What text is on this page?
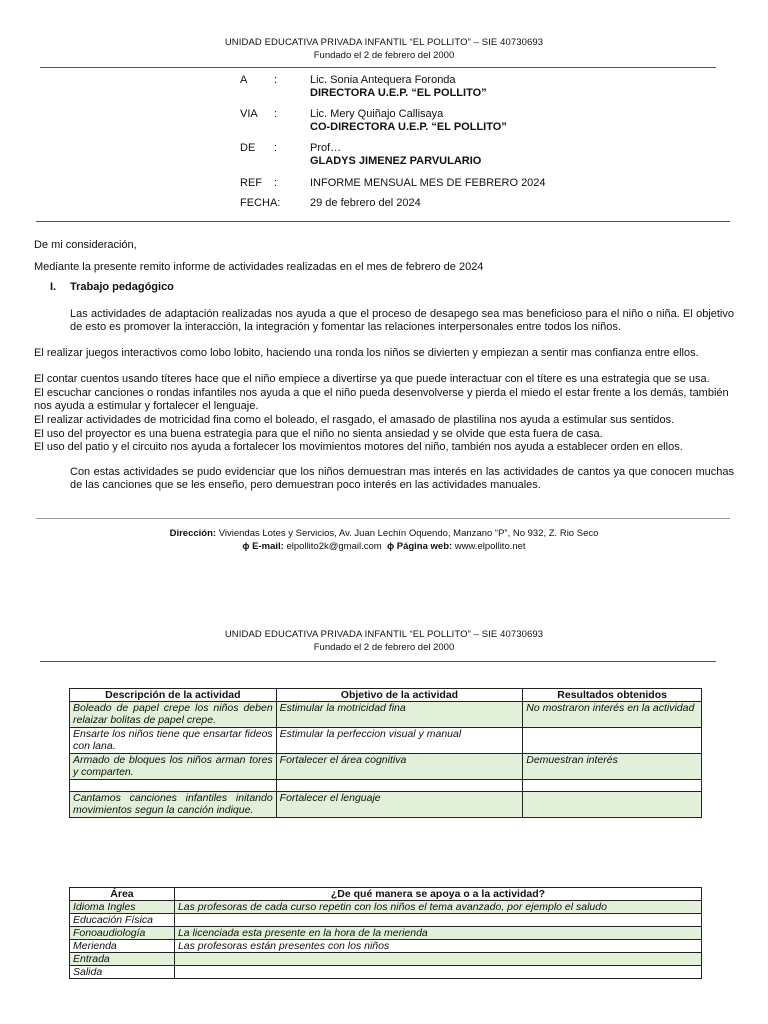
UNIDAD EDUCATIVA PRIVADA INFANTIL “EL POLLITO” – SIE 40730693
Fundado el 2 de febrero del 2000
A	:	Lic. Sonia Antequera Foronda
DIRECTORA U.E.P. “EL POLLITO”
VIA	:	Lic. Mery Quiñajo Callisaya
CO-DIRECTORA U.E.P. “EL POLLITO”
DE	:	Prof…
GLADYS JIMENEZ PARVULARIO
REF	:	INFORME MENSUAL MES DE FEBRERO 2024
FECHA:	29 de febrero del 2024
De mi consideración,
Mediante la presente remito informe de actividades realizadas en el mes de febrero de 2024
I. Trabajo pedagógico
Las actividades de adaptación realizadas nos ayuda a que el proceso de desapego sea mas beneficioso para el niño o niña. El objetivo de esto es promover la interacción, la integración y fomentar las relaciones interpersonales entre todos los niños.
El realizar juegos interactivos como lobo lobito, haciendo una ronda los niños se divierten y empiezan a sentir mas confianza entre ellos.
El contar cuentos usando títeres hace que el niño empiece a divertirse ya que puede interactuar con el títere es una estrategia que se usa.
El escuchar canciones o rondas infantiles nos ayuda a que el niño pueda desenvolverse y pierda el miedo el estar frente a los demás, también nos ayuda a estimular y fortalecer el lenguaje.
El realizar actividades de motricidad fina como el boleado, el rasgado, el amasado de plastilina nos ayuda a estimular sus sentidos.
El uso del proyector es una buena estrategia para que el niño no sienta ansiedad y se olvide que esta fuera de casa.
El uso del patio y el circuito nos ayuda a fortalecer los movimientos motores del niño, también nos ayuda a establecer orden en ellos.
Con estas actividades se pudo evidenciar que los niños demuestran mas interés en las actividades de cantos ya que conocen muchas de las canciones que se les enseño, pero demuestran poco interés en las actividades manuales.
Dirección: Viviendas Lotes y Servicios, Av. Juan Lechín Oquendo, Manzano “P”, No 932, Z. Rio Seco
ɸ E-mail: elpollito2k@gmail.com ɸ Página web: www.elpollito.net
UNIDAD EDUCATIVA PRIVADA INFANTIL “EL POLLITO” – SIE 40730693
Fundado el 2 de febrero del 2000
Descripción de la actividad	Objetivo de la actividad	Resultados obtenidos
Boleado de papel crepe los niños deben relaizar bolitas de papel crepe.	Estimular la motricidad fina	No mostraron interés en la actividad
Ensarte los niños tiene que ensartar fideos con lana.	Estimular la perfeccion visual y manual	
Armado de bloques los niños arman tores y comparten.	Fortalecer el área cognitiva	Demuestran interés

Cantamos canciones infantiles initando movimientos segun la canción indique.	Fortalecer el lenguaje	
Área	¿De qué manera se apoya o a la actividad?
Idioma Ingles	Las profesoras de cada curso repetin con los niños el tema avanzado, por ejemplo el saludo
Educación Física	
Fonoaudiología	La licenciada esta presente en la hora de la merienda
Merienda	Las profesoras están presentes con los niños
Entrada	
Salida	
